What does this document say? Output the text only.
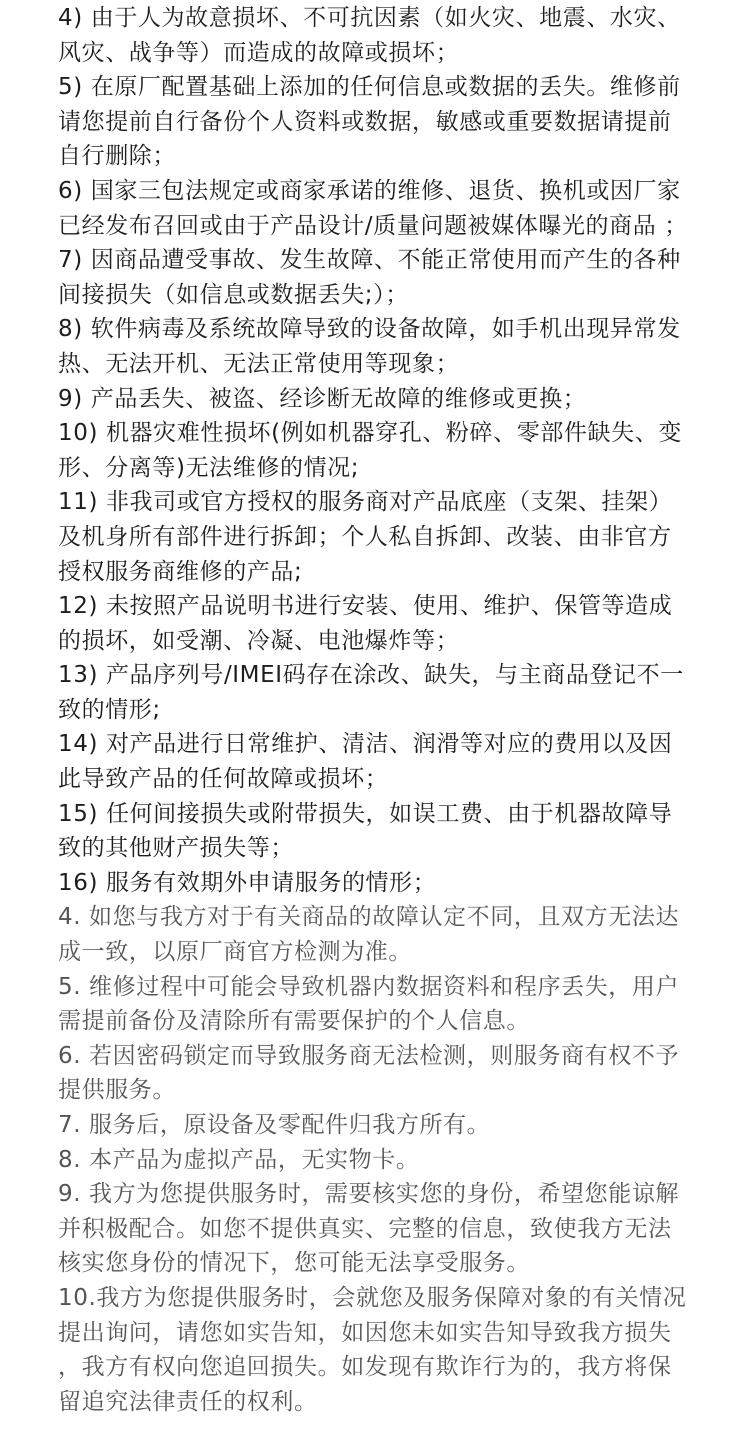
4) 由于人为故意损坏、不可抗因素（如火灾、地震、水灾、
风灾、战争等）而造成的故障或损坏；

5) 在原厂配置基础上添加的任何信息或数据的丢失。维修前
请您提前自行备份个人资料或数据，敏感或重要数据请提前
自行删除；

6) 国家三包法规定或商家承诺的维修、退货、换机或因厂家
已经发布召回或由于产品设计/质量问题被媒体曝光的商品 ；

7) 因商品遭受事故、发生故障、不能正常使用而产生的各种
间接损失（如信息或数据丢失;）；

8) 软件病毒及系统故障导致的设备故障，如手机出现异常发
热、无法开机、无法正常使用等现象；

9) 产品丢失、被盗、经诊断无故障的维修或更换；

10) 机器灾难性损坏(例如机器穿孔、粉碎、零部件缺失、变
形、分离等)无法维修的情况;

11) 非我司或官方授权的服务商对产品底座（支架、挂架）
及机身所有部件进行拆卸；个人私自拆卸、改装、由非官方
授权服务商维修的产品;

12) 未按照产品说明书进行安装、使用、维护、保管等造成
的损坏，如受潮、冷凝、电池爆炸等；

13) 产品序列号/IMEI码存在涂改、缺失，与主商品登记不一
致的情形;

14) 对产品进行日常维护、清洁、润滑等对应的费用以及因
此导致产品的任何故障或损坏；

15) 任何间接损失或附带损失，如误工费、由于机器故障导
致的其他财产损失等；

16) 服务有效期外申请服务的情形；

4. 如您与我方对于有关商品的故障认定不同，且双方无法达
成一致，以原厂商官方检测为准。

5. 维修过程中可能会导致机器内数据资料和程序丢失，用户
需提前备份及清除所有需要保护的个人信息。

6. 若因密码锁定而导致服务商无法检测，则服务商有权不予
提供服务。

7. 服务后，原设备及零配件归我方所有。

8. 本产品为虚拟产品，无实物卡。

9. 我方为您提供服务时，需要核实您的身份，希望您能谅解
并积极配合。如您不提供真实、完整的信息，致使我方无法
核实您身份的情况下，您可能无法享受服务。

10.我方为您提供服务时，会就您及服务保障对象的有关情况
提出询问，请您如实告知，如因您未如实告知导致我方损失
，我方有权向您追回损失。如发现有欺诈行为的，我方将保
留追究法律责任的权利。
